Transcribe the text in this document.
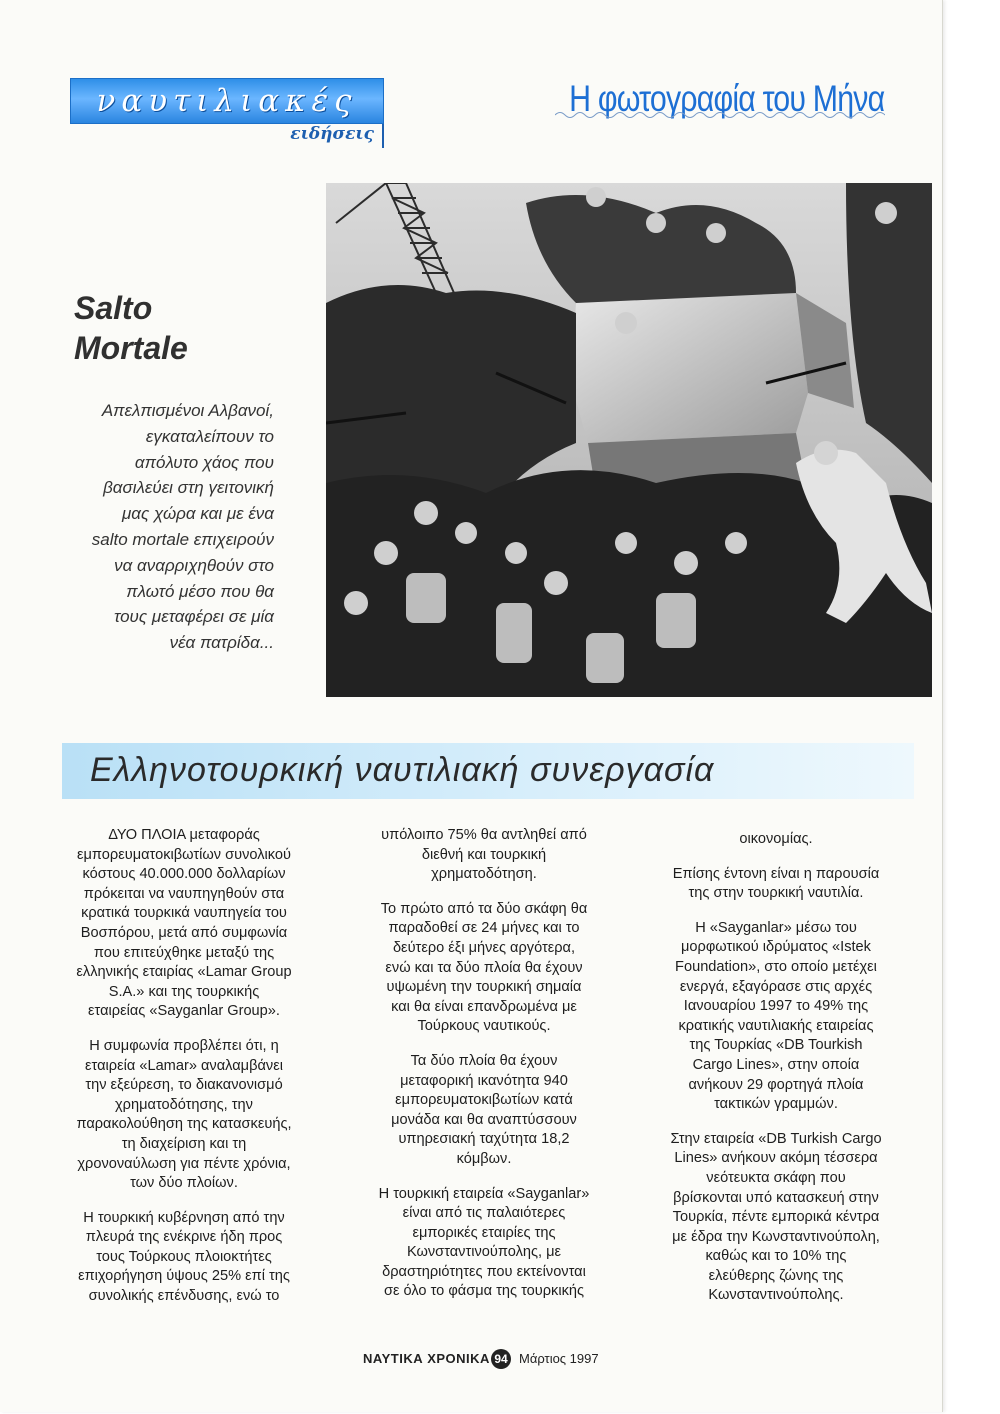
ναυτιλιακές
ειδήσεις
Η φωτογραφία του Μήνα
Salto
Mortale
Απελπισμένοι Αλβανοί,
εγκαταλείπουν το
απόλυτο χάος που
βασιλεύει στη γειτονική
μας χώρα και με ένα
salto mortale επιχειρούν
να αναρριχηθούν στο
πλωτό μέσο που θα
τους μεταφέρει σε μία
νέα πατρίδα...
Ελληνοτουρκική ναυτιλιακή συνεργασία

ΔΥΟ ΠΛΟΙΑ μεταφοράς
εμπορευματοκιβωτίων συνολικού
κόστους 40.000.000 δολλαρίων
πρόκειται να ναυπηγηθούν στα
κρατικά τουρκικά ναυπηγεία του
Βοσπόρου, μετά από συμφωνία
που επιτεύχθηκε μεταξύ της
ελληνικής εταιρίας «Lamar Group
S.A.» και της τουρκικής
εταιρείας «Sayganlar Group».

Η συμφωνία προβλέπει ότι, η
εταιρεία «Lamar» αναλαμβάνει
την εξεύρεση, το διακανονισμό
χρηματοδότησης, την
παρακολούθηση της κατασκευής,
τη διαχείριση και τη
χρονοναύλωση για πέντε χρόνια,
των δύο πλοίων.

Η τουρκική κυβέρνηση από την
πλευρά της ενέκρινε ήδη προς
τους Τούρκους πλοιοκτήτες
επιχορήγηση ύψους 25% επί της
συνολικής επένδυσης, ενώ το

υπόλοιπο 75% θα αντληθεί από
διεθνή και τουρκική
χρηματοδότηση.

Το πρώτο από τα δύο σκάφη θα
παραδοθεί σε 24 μήνες και το
δεύτερο έξι μήνες αργότερα,
ενώ και τα δύο πλοία θα έχουν
υψωμένη την τουρκική σημαία
και θα είναι επανδρωμένα με
Τούρκους ναυτικούς.

Τα δύο πλοία θα έχουν
μεταφορική ικανότητα 940
εμπορευματοκιβωτίων κατά
μονάδα και θα αναπτύσσουν
υπηρεσιακή ταχύτητα 18,2
κόμβων.

Η τουρκική εταιρεία «Sayganlar»
είναι από τις παλαιότερες
εμπορικές εταιρίες της
Κωνσταντινούπολης, με
δραστηριότητες που εκτείνονται
σε όλο το φάσμα της τουρκικής

οικονομίας.

Επίσης έντονη είναι η παρουσία
της στην τουρκική ναυτιλία.

Η «Sayganlar» μέσω του
μορφωτικού ιδρύματος «Istek
Foundation», στο οποίο μετέχει
ενεργά, εξαγόρασε στις αρχές
Ιανουαρίου 1997 το 49% της
κρατικής ναυτιλιακής εταιρείας
της Τουρκίας «DB Tourkish
Cargo Lines», στην οποία
ανήκουν 29 φορτηγά πλοία
τακτικών γραμμών.

Στην εταιρεία «DB Turkish Cargo
Lines» ανήκουν ακόμη τέσσερα
νεότευκτα σκάφη που
βρίσκονται υπό κατασκευή στην
Τουρκία, πέντε εμπορικά κέντρα
με έδρα την Κωνσταντινούπολη,
καθώς και το 10% της
ελεύθερης ζώνης της
Κωνσταντινούπολης.

ΝΑΥΤΙΚΑ ΧΡΟΝΙΚΑ 94 Μάρτιος 1997
